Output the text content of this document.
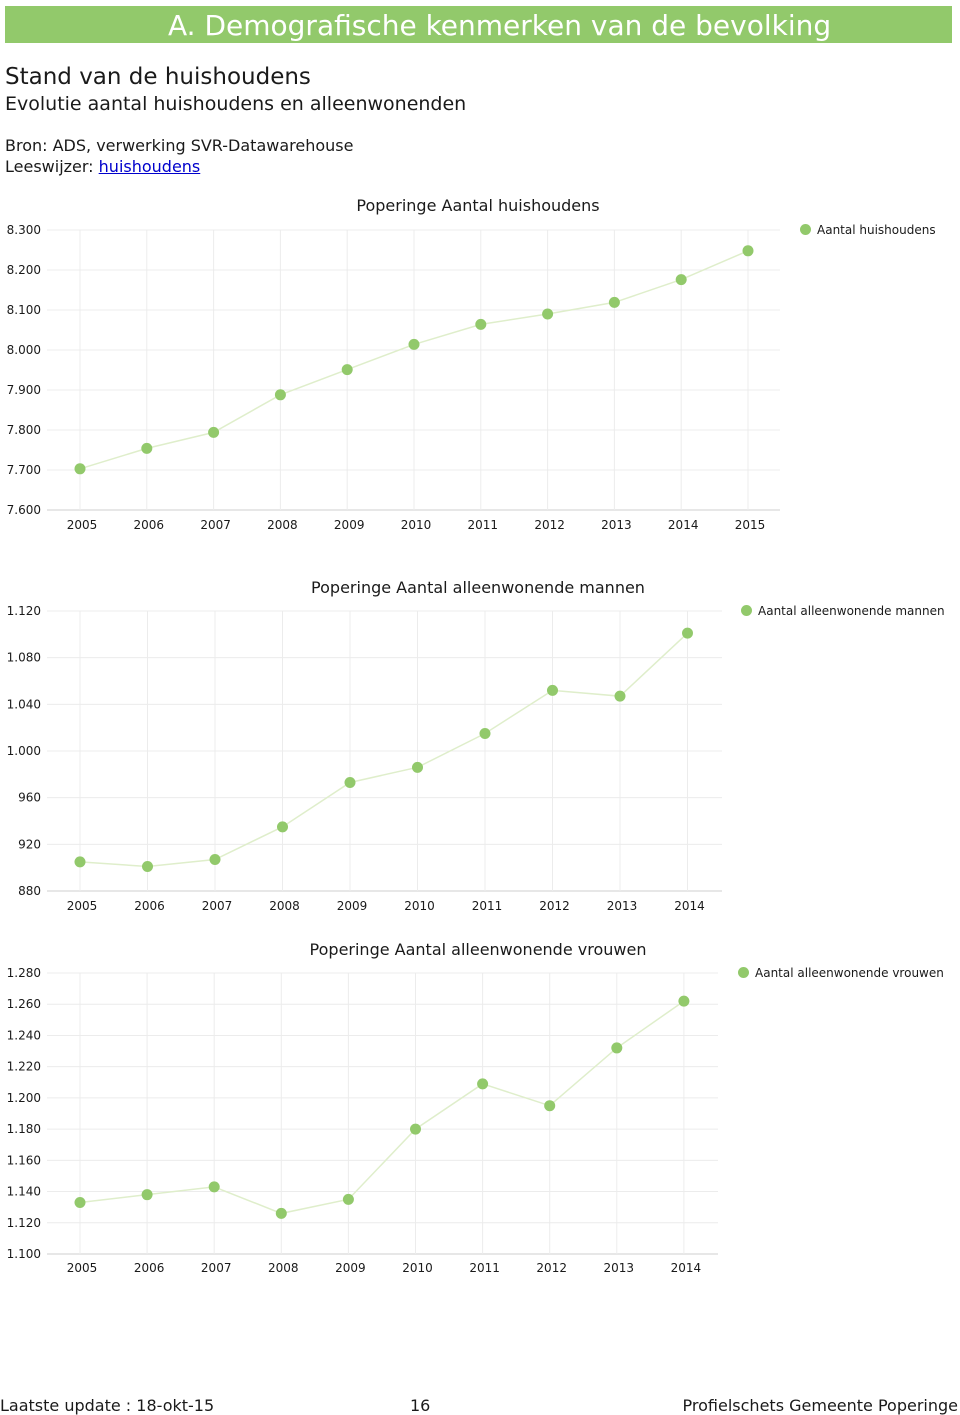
A. Demografische kenmerken van de bevolking
Stand van de huishoudens
Evolutie aantal huishoudens en alleenwonenden
Bron: ADS, verwerking SVR-Datawarehouse
Leeswijzer: huishoudens
Poperinge Aantal huishoudens
Aantal huishoudens
7.600
7.700
7.800
7.900
8.000
8.100
8.200
8.300
2005	2006	2007	2008	2009	2010	2011	2012	2013	2014	2015
Poperinge Aantal alleenwonende mannen
Aantal alleenwonende mannen
880
920
960
1.000
1.040
1.080
1.120
2005	2006	2007	2008	2009	2010	2011	2012	2013	2014
Poperinge Aantal alleenwonende vrouwen
Aantal alleenwonende vrouwen
1.100
1.120
1.140
1.160
1.180
1.200
1.220
1.240
1.260
1.280
2005	2006	2007	2008	2009	2010	2011	2012	2013	2014
Laatste update : 18-okt-15	16	Profielschets Gemeente Poperinge
